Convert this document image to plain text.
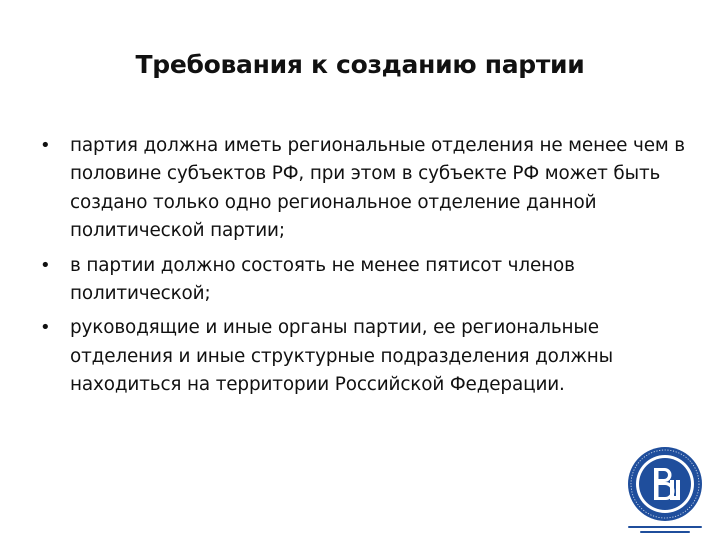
Требования к созданию партии
•	партия должна иметь региональные отделения не менее чем в половине субъектов РФ, при этом в субъекте РФ может быть создано только одно региональное отделение данной политической партии;
•	в партии должно состоять не менее пятисот членов политической;
•	руководящие и иные органы партии, ее региональные отделения и иные структурные подразделения должны находиться на территории Российской Федерации.
